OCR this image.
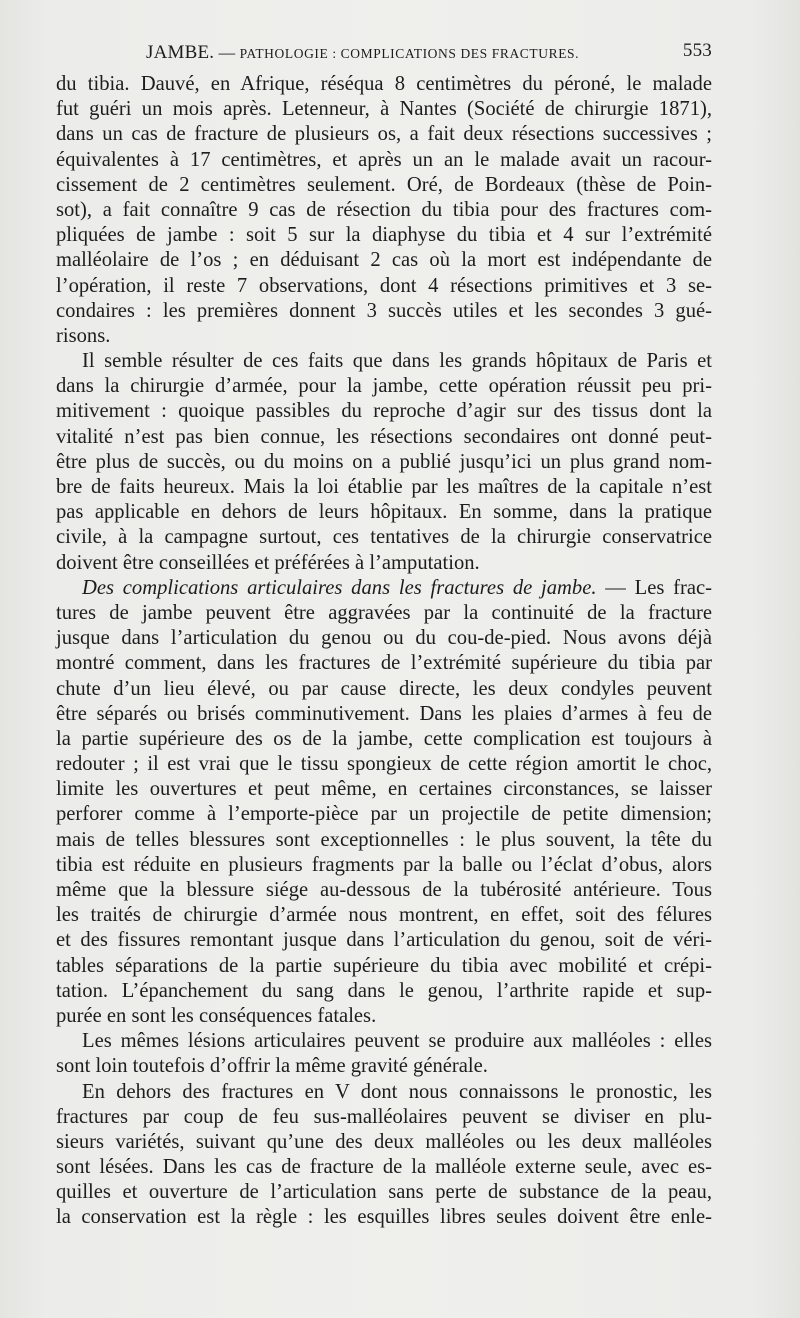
JAMBE. — PATHOLOGIE : COMPLICATIONS DES FRACTURES.	553
du tibia. Dauvé, en Afrique, réséqua 8 centimètres du péroné, le malade
fut guéri un mois après. Letenneur, à Nantes (Société de chirurgie 1871),
dans un cas de fracture de plusieurs os, a fait deux résections successives ;
équivalentes à 17 centimètres, et après un an le malade avait un racour-
cissement de 2 centimètres seulement. Oré, de Bordeaux (thèse de Poin-
sot), a fait connaître 9 cas de résection du tibia pour des fractures com-
pliquées de jambe : soit 5 sur la diaphyse du tibia et 4 sur l’extrémité
malléolaire de l’os ; en déduisant 2 cas où la mort est indépendante de
l’opération, il reste 7 observations, dont 4 résections primitives et 3 se-
condaires : les premières donnent 3 succès utiles et les secondes 3 gué-
risons.
Il semble résulter de ces faits que dans les grands hôpitaux de Paris et
dans la chirurgie d’armée, pour la jambe, cette opération réussit peu pri-
mitivement : quoique passibles du reproche d’agir sur des tissus dont la
vitalité n’est pas bien connue, les résections secondaires ont donné peut-
être plus de succès, ou du moins on a publié jusqu’ici un plus grand nom-
bre de faits heureux. Mais la loi établie par les maîtres de la capitale n’est
pas applicable en dehors de leurs hôpitaux. En somme, dans la pratique
civile, à la campagne surtout, ces tentatives de la chirurgie conservatrice
doivent être conseillées et préférées à l’amputation.
Des complications articulaires dans les fractures de jambe. — Les frac-
tures de jambe peuvent être aggravées par la continuité de la fracture
jusque dans l’articulation du genou ou du cou-de-pied. Nous avons déjà
montré comment, dans les fractures de l’extrémité supérieure du tibia par
chute d’un lieu élevé, ou par cause directe, les deux condyles peuvent
être séparés ou brisés comminutivement. Dans les plaies d’armes à feu de
la partie supérieure des os de la jambe, cette complication est toujours à
redouter ; il est vrai que le tissu spongieux de cette région amortit le choc,
limite les ouvertures et peut même, en certaines circonstances, se laisser
perforer comme à l’emporte-pièce par un projectile de petite dimension;
mais de telles blessures sont exceptionnelles : le plus souvent, la tête du
tibia est réduite en plusieurs fragments par la balle ou l’éclat d’obus, alors
même que la blessure siége au-dessous de la tubérosité antérieure. Tous
les traités de chirurgie d’armée nous montrent, en effet, soit des félures
et des fissures remontant jusque dans l’articulation du genou, soit de véri-
tables séparations de la partie supérieure du tibia avec mobilité et crépi-
tation. L’épanchement du sang dans le genou, l’arthrite rapide et sup-
purée en sont les conséquences fatales.
Les mêmes lésions articulaires peuvent se produire aux malléoles : elles
sont loin toutefois d’offrir la même gravité générale.
En dehors des fractures en V dont nous connaissons le pronostic, les
fractures par coup de feu sus-malléolaires peuvent se diviser en plu-
sieurs variétés, suivant qu’une des deux malléoles ou les deux malléoles
sont lésées. Dans les cas de fracture de la malléole externe seule, avec es-
quilles et ouverture de l’articulation sans perte de substance de la peau,
la conservation est la règle : les esquilles libres seules doivent être enle-
